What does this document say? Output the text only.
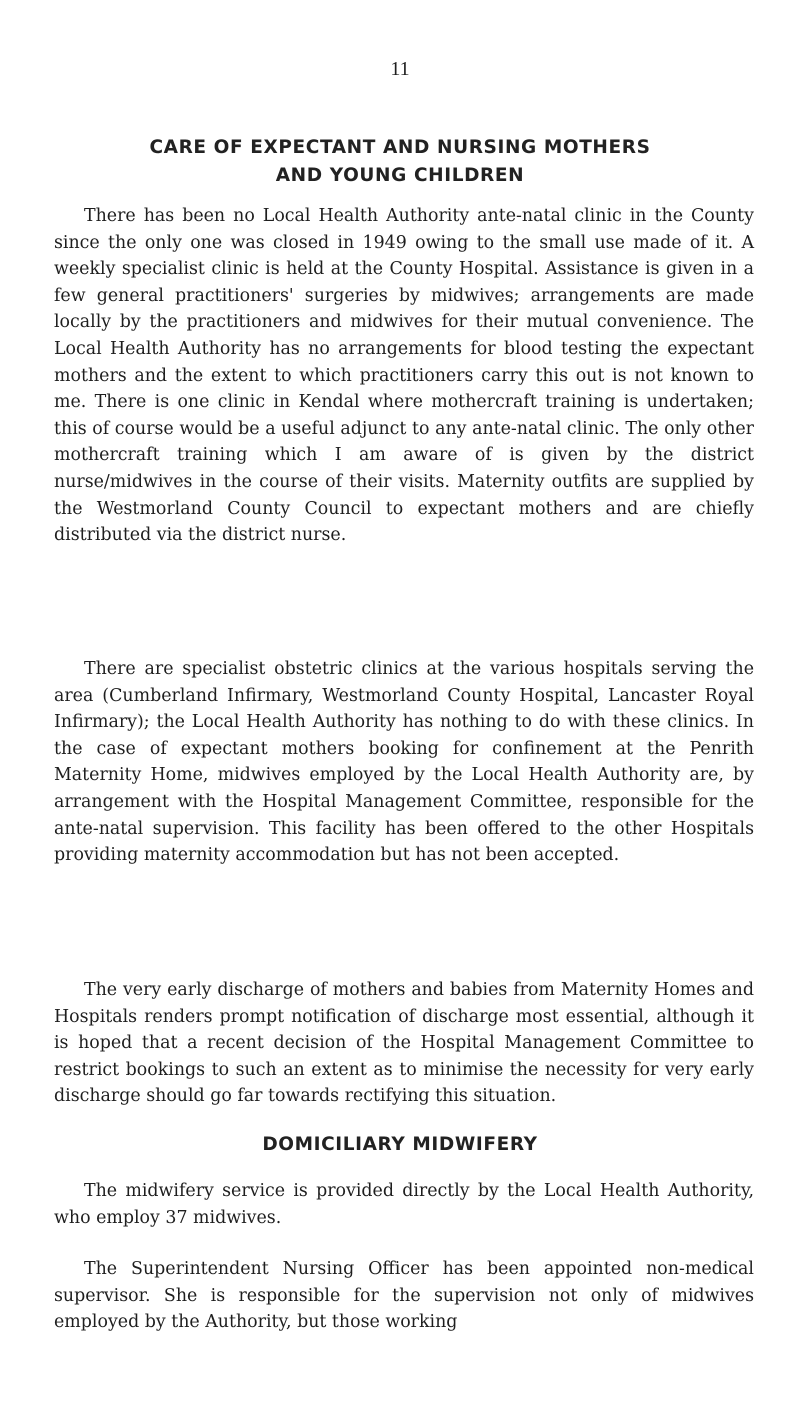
11
CARE OF EXPECTANT AND NURSING MOTHERS
AND YOUNG CHILDREN

There has been no Local Health Authority ante-natal clinic in the County since the only one was closed in 1949 owing to the small use made of it. A weekly specialist clinic is held at the County Hospital. Assistance is given in a few general practitioners' surgeries by midwives; arrangements are made locally by the practitioners and midwives for their mutual convenience. The Local Health Authority has no arrangements for blood testing the expectant mothers and the extent to which practitioners carry this out is not known to me. There is one clinic in Kendal where mothercraft training is undertaken; this of course would be a useful adjunct to any ante-natal clinic. The only other mothercraft training which I am aware of is given by the district nurse/midwives in the course of their visits. Maternity outfits are supplied by the Westmorland County Council to expectant mothers and are chiefly distributed via the district nurse.

There are specialist obstetric clinics at the various hospitals serving the area (Cumberland Infirmary, Westmorland County Hospital, Lancaster Royal Infirmary); the Local Health Authority has nothing to do with these clinics. In the case of expectant mothers booking for confinement at the Penrith Maternity Home, midwives employed by the Local Health Authority are, by arrangement with the Hospital Management Committee, responsible for the ante-natal supervision. This facility has been offered to the other Hospitals providing maternity accommodation but has not been accepted.

The very early discharge of mothers and babies from Maternity Homes and Hospitals renders prompt notification of discharge most essential, although it is hoped that a recent decision of the Hospital Management Committee to restrict bookings to such an extent as to minimise the necessity for very early discharge should go far towards rectifying this situation.

DOMICILIARY MIDWIFERY

The midwifery service is provided directly by the Local Health Authority, who employ 37 midwives.

The Superintendent Nursing Officer has been appointed non-medical supervisor. She is responsible for the supervision not only of midwives employed by the Authority, but those working
